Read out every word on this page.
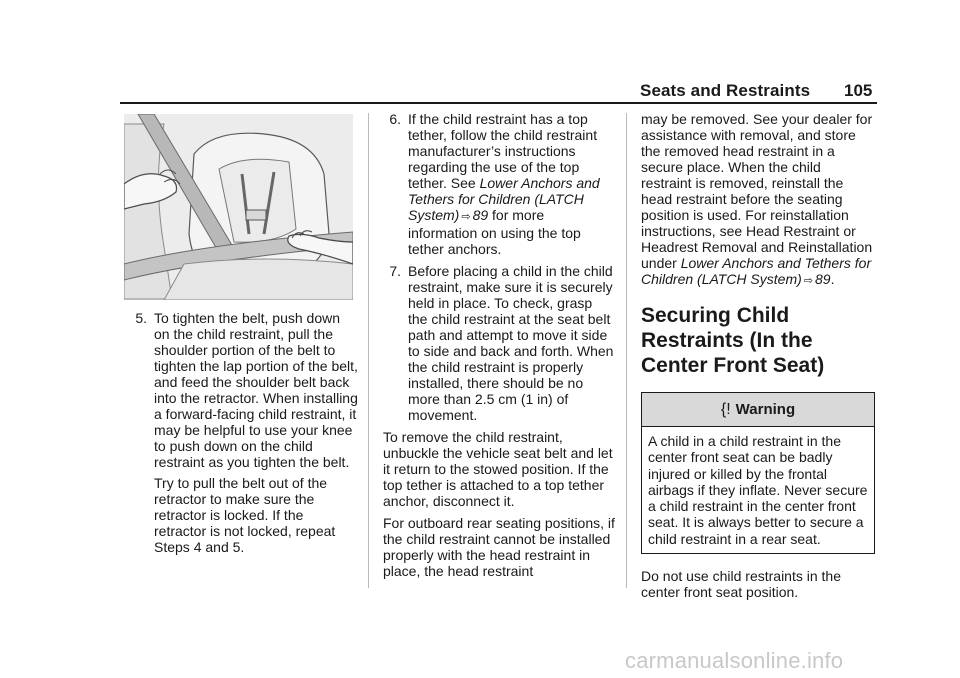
Seats and Restraints 105
5. To tighten the belt, push down on the child restraint, pull the shoulder portion of the belt to tighten the lap portion of the belt, and feed the shoulder belt back into the retractor. When installing a forward-facing child restraint, it may be helpful to use your knee to push down on the child restraint as you tighten the belt.

Try to pull the belt out of the retractor to make sure the retractor is locked. If the retractor is not locked, repeat Steps 4 and 5.

6. If the child restraint has a top tether, follow the child restraint manufacturer’s instructions regarding the use of the top tether. See Lower Anchors and Tethers for Children (LATCH System) ⇨ 89 for more information on using the top tether anchors.
7. Before placing a child in the child restraint, make sure it is securely held in place. To check, grasp the child restraint at the seat belt path and attempt to move it side to side and back and forth. When the child restraint is properly installed, there should be no more than 2.5 cm (1 in) of movement.

To remove the child restraint, unbuckle the vehicle seat belt and let it return to the stowed position. If the top tether is attached to a top tether anchor, disconnect it.

For outboard rear seating positions, if the child restraint cannot be installed properly with the head restraint in place, the head restraint

may be removed. See your dealer for assistance with removal, and store the removed head restraint in a secure place. When the child restraint is removed, reinstall the head restraint before the seating position is used. For reinstallation instructions, see Head Restraint or Headrest Removal and Reinstallation under Lower Anchors and Tethers for Children (LATCH System) ⇨ 89.

Securing Child Restraints (In the Center Front Seat)
{! Warning
A child in a child restraint in the center front seat can be badly injured or killed by the frontal airbags if they inflate. Never secure a child restraint in the center front seat. It is always better to secure a child restraint in a rear seat.

Do not use child restraints in the center front seat position.

carmanualsonline.info
